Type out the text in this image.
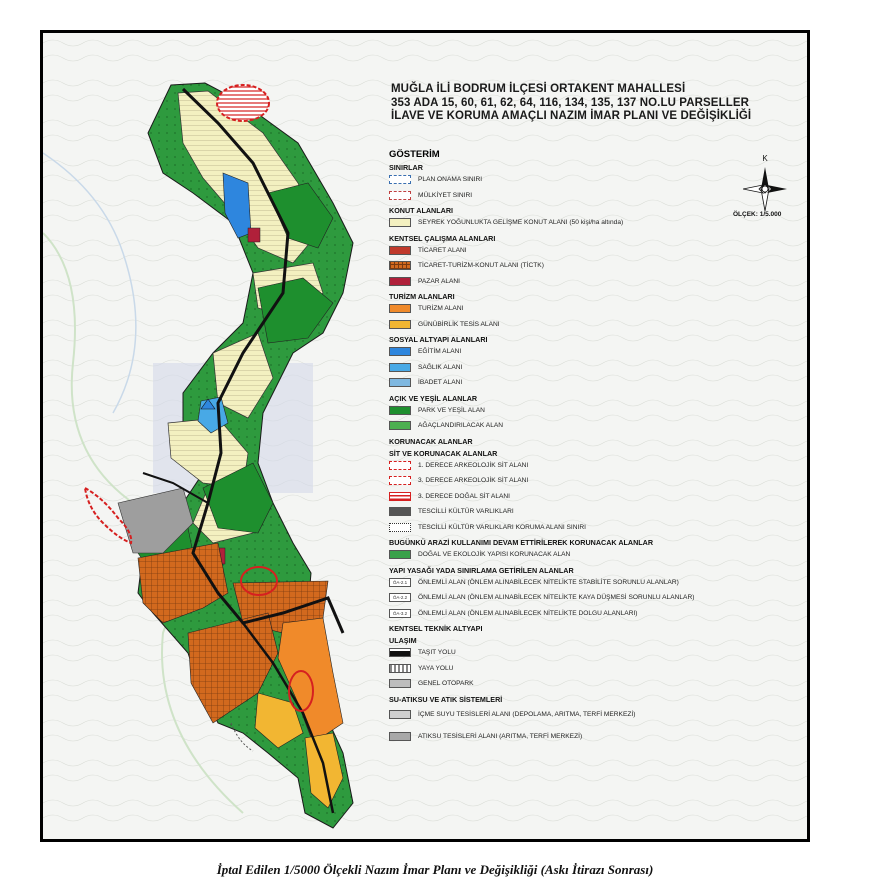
MUĞLA İLİ BODRUM İLÇESİ ORTAKENT MAHALLESİ
353 ADA 15, 60, 61, 62, 64, 116, 134, 135, 137 NO.LU PARSELLER
İLAVE VE KORUMA AMAÇLI NAZIM İMAR PLANI VE DEĞİŞİKLİĞİ
K
ÖLÇEK: 1/5.000
GÖSTERİM
SINIRLAR
PLAN ONAMA SINIRI
MÜLKİYET SINIRI
KONUT ALANLARI
SEYREK YOĞUNLUKTA GELİŞME KONUT ALANI (50 kişi/ha altında)
KENTSEL ÇALIŞMA ALANLARI
TİCARET ALANI
TİCARET-TURİZM-KONUT ALANI (TİCTK)
PAZAR ALANI
TURİZM ALANLARI
TURİZM ALANI
GÜNÜBİRLİK TESİS ALANI
SOSYAL ALTYAPI ALANLARI
EĞİTİM ALANI
SAĞLIK ALANI
İBADET ALANI
AÇIK VE YEŞİL ALANLAR
PARK VE YEŞİL ALAN
AĞAÇLANDIRILACAK ALAN
KORUNACAK ALANLAR
SİT VE KORUNACAK ALANLAR
1. DERECE ARKEOLOJİK SİT ALANI
3. DERECE ARKEOLOJİK SİT ALANI
3. DERECE DOĞAL SİT ALANI
TESCİLLİ KÜLTÜR VARLIKLARI
TESCİLLİ KÜLTÜR VARLIKLARI KORUMA ALANI SINIRI
BUGÜNKÜ ARAZİ KULLANIMI DEVAM ETTİRİLEREK KORUNACAK ALANLAR
DOĞAL VE EKOLOJİK YAPISI KORUNACAK ALAN
YAPI YASAĞI YADA SINIRLAMA GETİRİLEN ALANLAR
ÖA-2.1	ÖNLEMLİ ALAN (ÖNLEM ALINABİLECEK NİTELİKTE STABİLİTE SORUNLU ALANLAR)
ÖA-2.2	ÖNLEMLİ ALAN (ÖNLEM ALINABİLECEK NİTELİKTE KAYA DÜŞMESİ SORUNLU ALANLAR)
ÖA-3.2	ÖNLEMLİ ALAN (ÖNLEM ALINABİLECEK NİTELİKTE DOLGU ALANLARI)
KENTSEL TEKNİK ALTYAPI
ULAŞIM
TAŞIT YOLU
YAYA YOLU
GENEL OTOPARK
SU-ATIKSU VE ATIK SİSTEMLERİ
İÇME SUYU TESİSLERİ ALANI (DEPOLAMA, ARITMA, TERFİ MERKEZİ)
ATIKSU TESİSLERİ ALANI (ARITMA, TERFİ MERKEZİ)
İptal Edilen 1/5000 Ölçekli Nazım İmar Planı ve Değişikliği (Askı İtirazı Sonrası)
